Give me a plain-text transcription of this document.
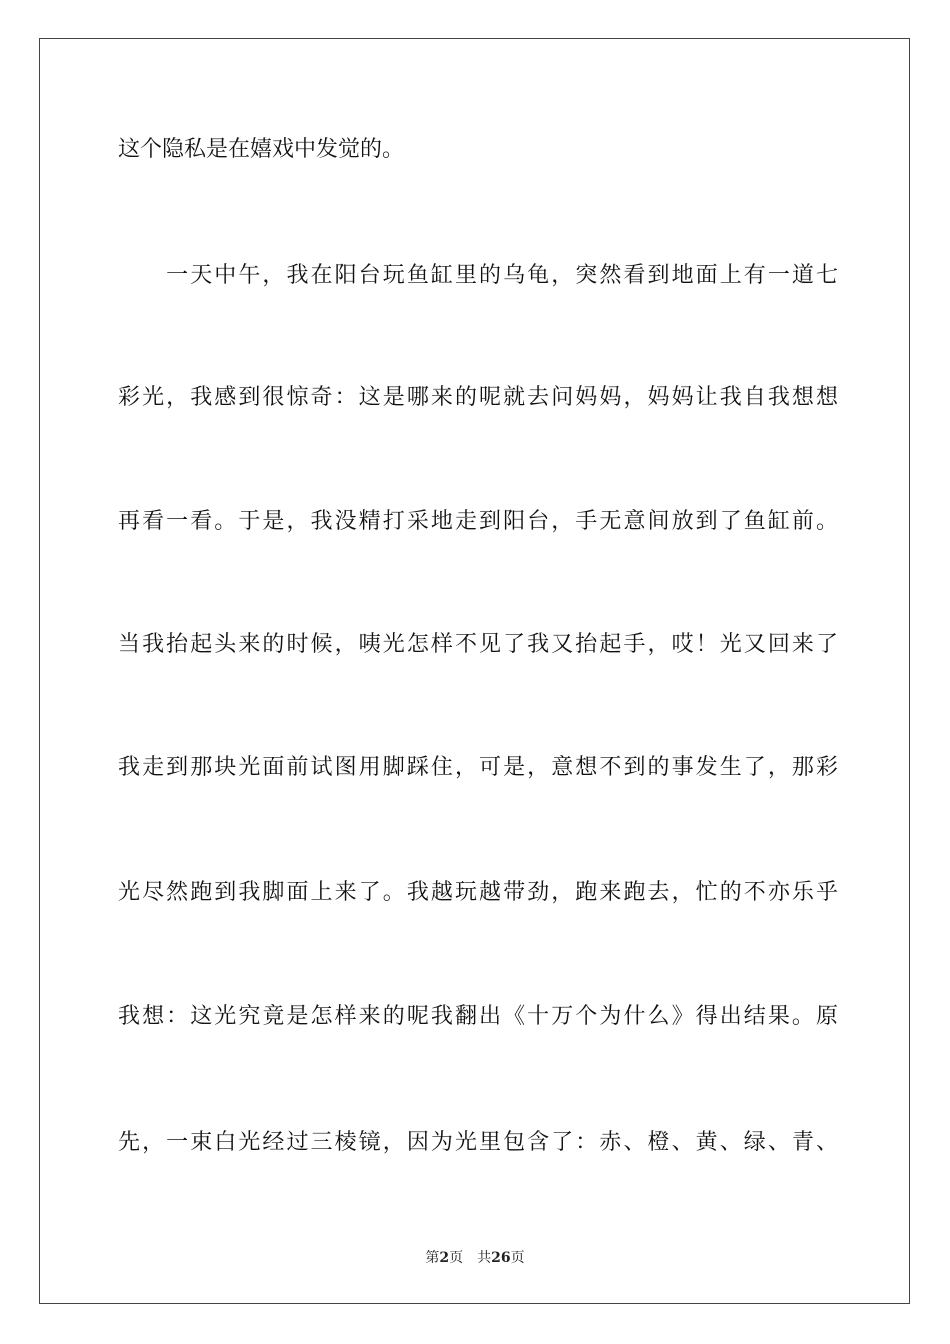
这个隐私是在嬉戏中发觉的。
　　一天中午，我在阳台玩鱼缸里的乌龟，突然看到地面上有一道七
彩光，我感到很惊奇：这是哪来的呢就去问妈妈，妈妈让我自我想想
再看一看。于是，我没精打采地走到阳台，手无意间放到了鱼缸前。
当我抬起头来的时候，咦光怎样不见了我又抬起手，哎！光又回来了
我走到那块光面前试图用脚踩住，可是，意想不到的事发生了，那彩
光尽然跑到我脚面上来了。我越玩越带劲，跑来跑去，忙的不亦乐乎
我想：这光究竟是怎样来的呢我翻出《十万个为什么》得出结果。原
先，一束白光经过三棱镜，因为光里包含了：赤、橙、黄、绿、青、
第2页 共26页
